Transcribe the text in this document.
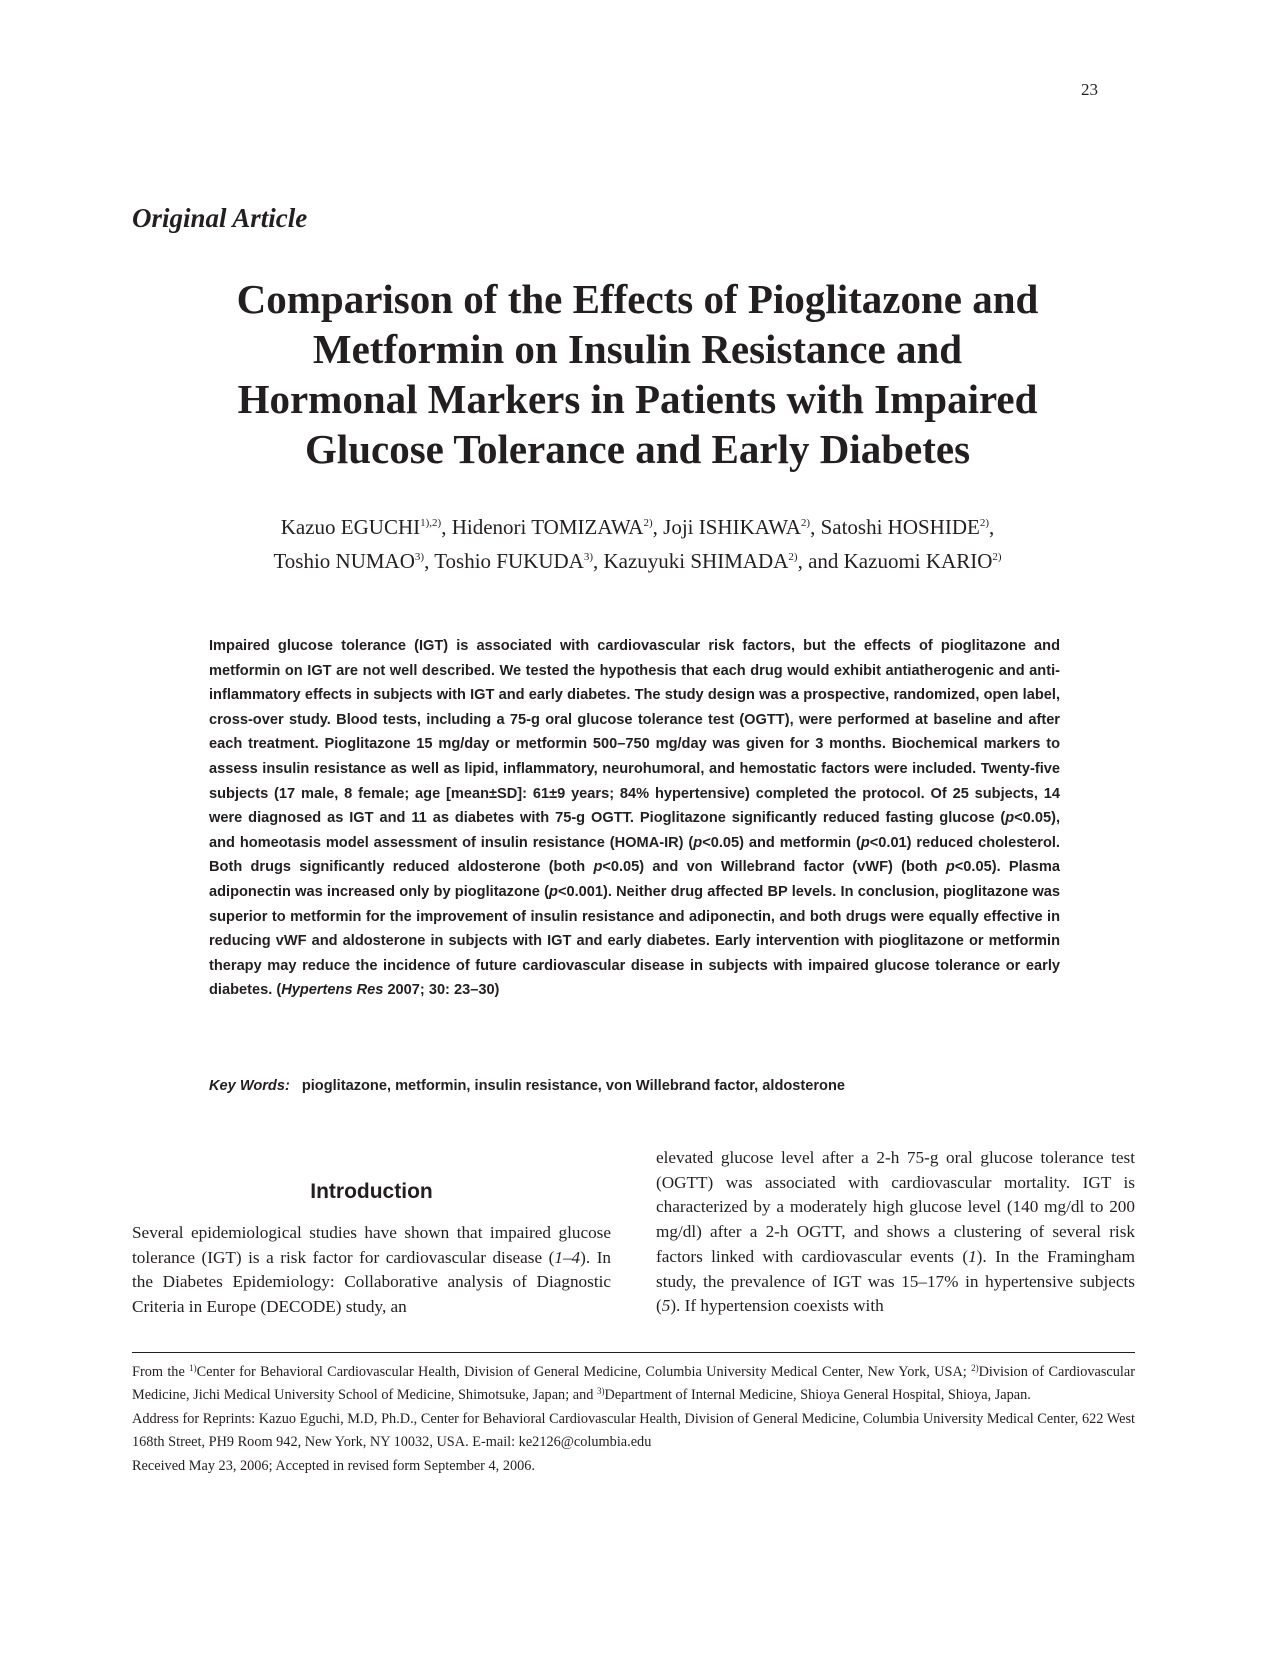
23
Original Article
Comparison of the Effects of Pioglitazone and
Metformin on Insulin Resistance and
Hormonal Markers in Patients with Impaired
Glucose Tolerance and Early Diabetes
Kazuo $EGUCHI^{1),2)}$, Hidenori TOMIZAWA$^{2)}$, Joji ISHIKAWA$^{2)}$, Satoshi HOSHIDE$^{2)}$,
Toshio NUMAO$^{3)}$, Toshio FUKUDA$^{3)}$, Kazuyuki SHIMADA$^{2)}$, and Kazuomi KARIO$^{2)}$
Impaired glucose tolerance (IGT) is associated with cardiovascular risk factors, but the effects of pioglitazone and metformin on IGT are not well described. We tested the hypothesis that each drug would exhibit antiatherogenic and anti-inflammatory effects in subjects with IGT and early diabetes. The study design was a prospective, randomized, open label, cross-over study. Blood tests, including a 75-g oral glucose tolerance test (OGTT), were performed at baseline and after each treatment. Pioglitazone 15 mg/day or metformin 500–750 mg/day was given for 3 months. Biochemical markers to assess insulin resistance as well as lipid, inflammatory, neurohumoral, and hemostatic factors were included. Twenty-five subjects (17 male, 8 female; age [mean±SD]: 61±9 years; 84% hypertensive) completed the protocol. Of 25 subjects, 14 were diagnosed as IGT and 11 as diabetes with 75-g OGTT. Pioglitazone significantly reduced fasting glucose (p<0.05), and homeotasis model assessment of insulin resistance (HOMA-IR) (p<0.05) and metformin (p<0.01) reduced cholesterol. Both drugs significantly reduced aldosterone (both p<0.05) and von Willebrand factor (vWF) (both p<0.05). Plasma adiponectin was increased only by pioglitazone (p<0.001). Neither drug affected BP levels. In conclusion, pioglitazone was superior to metformin for the improvement of insulin resistance and adiponectin, and both drugs were equally effective in reducing vWF and aldosterone in subjects with IGT and early diabetes. Early intervention with pioglitazone or metformin therapy may reduce the incidence of future cardiovascular disease in subjects with impaired glucose tolerance or early diabetes. (Hypertens Res 2007; 30: 23–30)
Key Words: pioglitazone, metformin, insulin resistance, von Willebrand factor, aldosterone
Introduction
Several epidemiological studies have shown that impaired glucose tolerance (IGT) is a risk factor for cardiovascular disease (1–4). In the Diabetes Epidemiology: Collaborative analysis of Diagnostic Criteria in Europe (DECODE) study, an
elevated glucose level after a 2-h 75-g oral glucose tolerance test (OGTT) was associated with cardiovascular mortality. IGT is characterized by a moderately high glucose level (140 mg/dl to 200 mg/dl) after a 2-h OGTT, and shows a clustering of several risk factors linked with cardiovascular events (1). In the Framingham study, the prevalence of IGT was 15–17% in hypertensive subjects (5). If hypertension coexists with

From the $^{1)}$Center for Behavioral Cardiovascular Health, Division of General Medicine, Columbia University Medical Center, New York, USA; $^{2)}$Division of Cardiovascular Medicine, Jichi Medical University School of Medicine, Shimotsuke, Japan; and $^{3)}$Department of Internal Medicine, Shioya General Hospital, Shioya, Japan.

Address for Reprints: Kazuo Eguchi, M.D, Ph.D., Center for Behavioral Cardiovascular Health, Division of General Medicine, Columbia University Medical Center, 622 West 168th Street, PH9 Room 942, New York, NY 10032, USA. E-mail: ke2126@columbia.edu

Received May 23, 2006; Accepted in revised form September 4, 2006.
